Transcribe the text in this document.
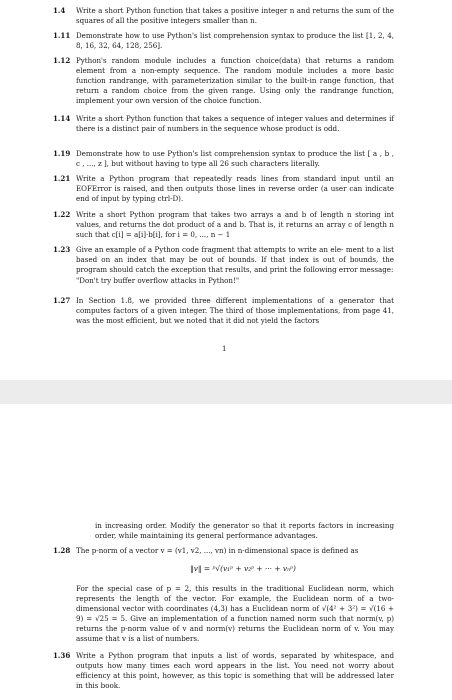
1.4	Write a short Python function that takes a positive integer n and returns the sum of the squares of all the positive integers smaller than n.
1.11 Demonstrate how to use Python's list comprehension syntax to produce the list [1, 2, 4, 8, 16, 32, 64, 128, 256].
1.12 Python's random module includes a function choice(data) that returns a random element from a non-empty sequence. The random module includes a more basic function randrange, with parameterization similar to the built-in range function, that return a random choice from the given range. Using only the randrange function, implement your own version of the choice function.
1.14 Write a short Python function that takes a sequence of integer values and determines if there is a distinct pair of numbers in the sequence whose product is odd.
1.19 Demonstrate how to use Python's list comprehension syntax to produce the list [ a , b , c , ..., z ], but without having to type all 26 such characters literally.
1.21 Write a Python program that repeatedly reads lines from standard input until an EOFError is raised, and then outputs those lines in reverse order (a user can indicate end of input by typing ctrl-D).
1.22 Write a short Python program that takes two arrays a and b of length n storing int values, and returns the dot product of a and b. That is, it returns an array c of length n such that c[i] = a[i]·b[i], for i = 0, ..., n − 1
1.23 Give an example of a Python code fragment that attempts to write an ele- ment to a list based on an index that may be out of bounds. If that index is out of bounds, the program should catch the exception that results, and print the following error message:
"Don't try buffer overflow attacks in Python!"
1.27 In Section 1.8, we provided three different implementations of a generator that computes factors of a given integer. The third of those implementations, from page 41, was the most efficient, but we noted that it did not yield the factors
1
in increasing order. Modify the generator so that it reports factors in increasing order, while maintaining its general performance advantages.
1.28 The p-norm of a vector v = (v1, v2, ..., vn) in n-dimensional space is defined as
‖v‖ = ᵖ√(v₁ᵖ + v₂ᵖ + ··· + vₙᵖ)
For the special case of p = 2, this results in the traditional Euclidean norm, which represents the length of the vector. For example, the Euclidean norm of a two-dimensional vector with coordinates (4,3) has a Euclidean norm of √(4² + 3²) = √(16 + 9) = √25 = 5. Give an implementation of a function named norm such that norm(v, p) returns the p-norm value of v and norm(v) returns the Euclidean norm of v. You may assume that v is a list of numbers.
1.36 Write a Python program that inputs a list of words, separated by whitespace, and outputs how many times each word appears in the list. You need not worry about efficiency at this point, however, as this topic is something that will be addressed later in this book.
